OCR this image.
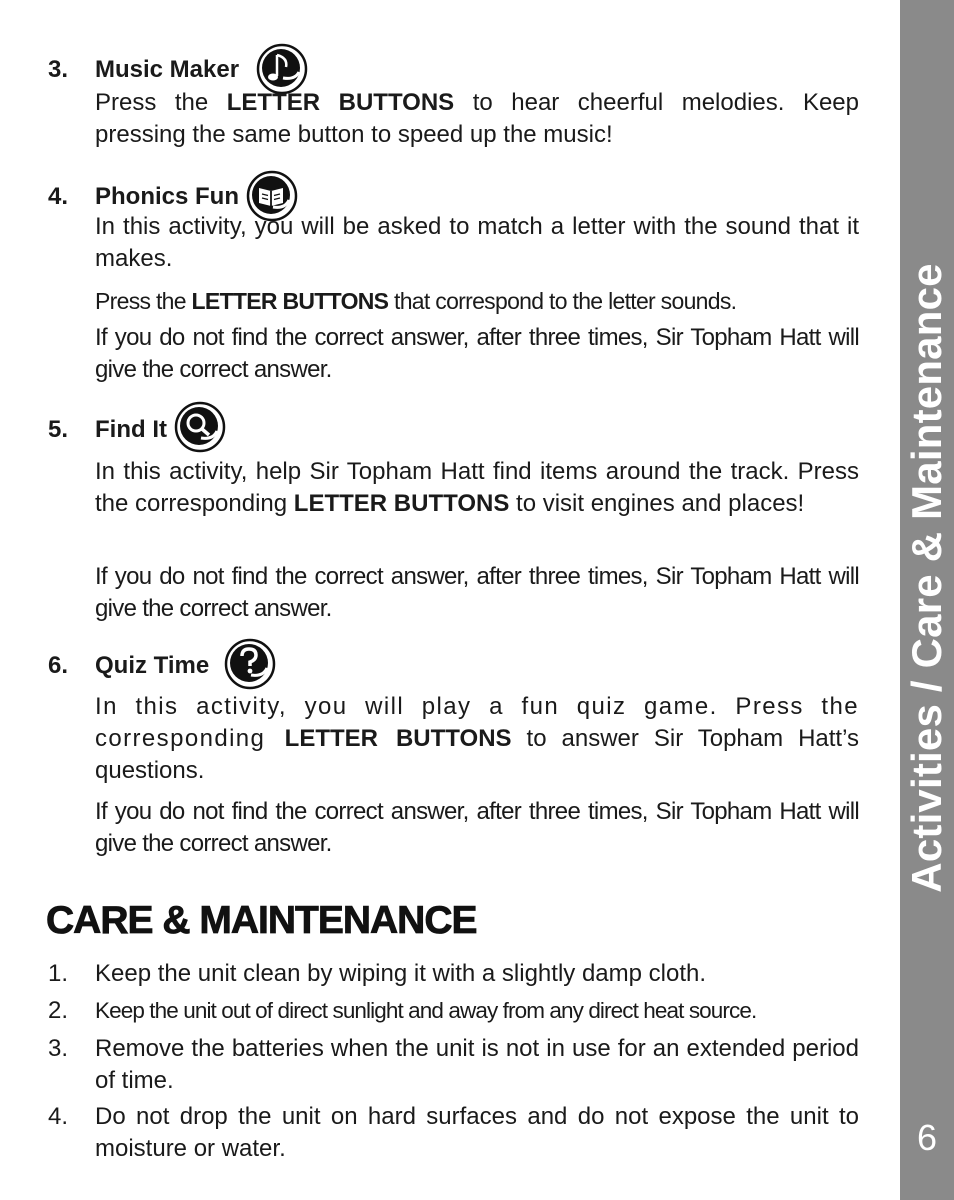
3.	Music Maker

Press the LETTER BUTTONS to hear cheerful melodies. Keep pressing the same button to speed up the music!

4.	Phonics Fun

In this activity, you will be asked to match a letter with the sound that it makes.

Press the LETTER BUTTONS that correspond to the letter sounds.

If you do not find the correct answer, after three times, Sir Topham Hatt will give the correct answer.

5.	Find It

In this activity, help Sir Topham Hatt find items around the track. Press the corresponding LETTER BUTTONS to visit engines and places!

If you do not find the correct answer, after three times, Sir Topham Hatt will give the correct answer.

6.	Quiz Time

In this activity, you will play a fun quiz game. Press the corresponding LETTER BUTTONS to answer Sir Topham Hatt’s questions.

If you do not find the correct answer, after three times, Sir Topham Hatt will give the correct answer.

CARE & MAINTENANCE
1.	Keep the unit clean by wiping it with a slightly damp cloth.
2.	Keep the unit out of direct sunlight and away from any direct heat source.
3.	Remove the batteries when the unit is not in use for an extended period of time.
4.	Do not drop the unit on hard surfaces and do not expose the unit to moisture or water.
Activities / Care & Maintenance
6
